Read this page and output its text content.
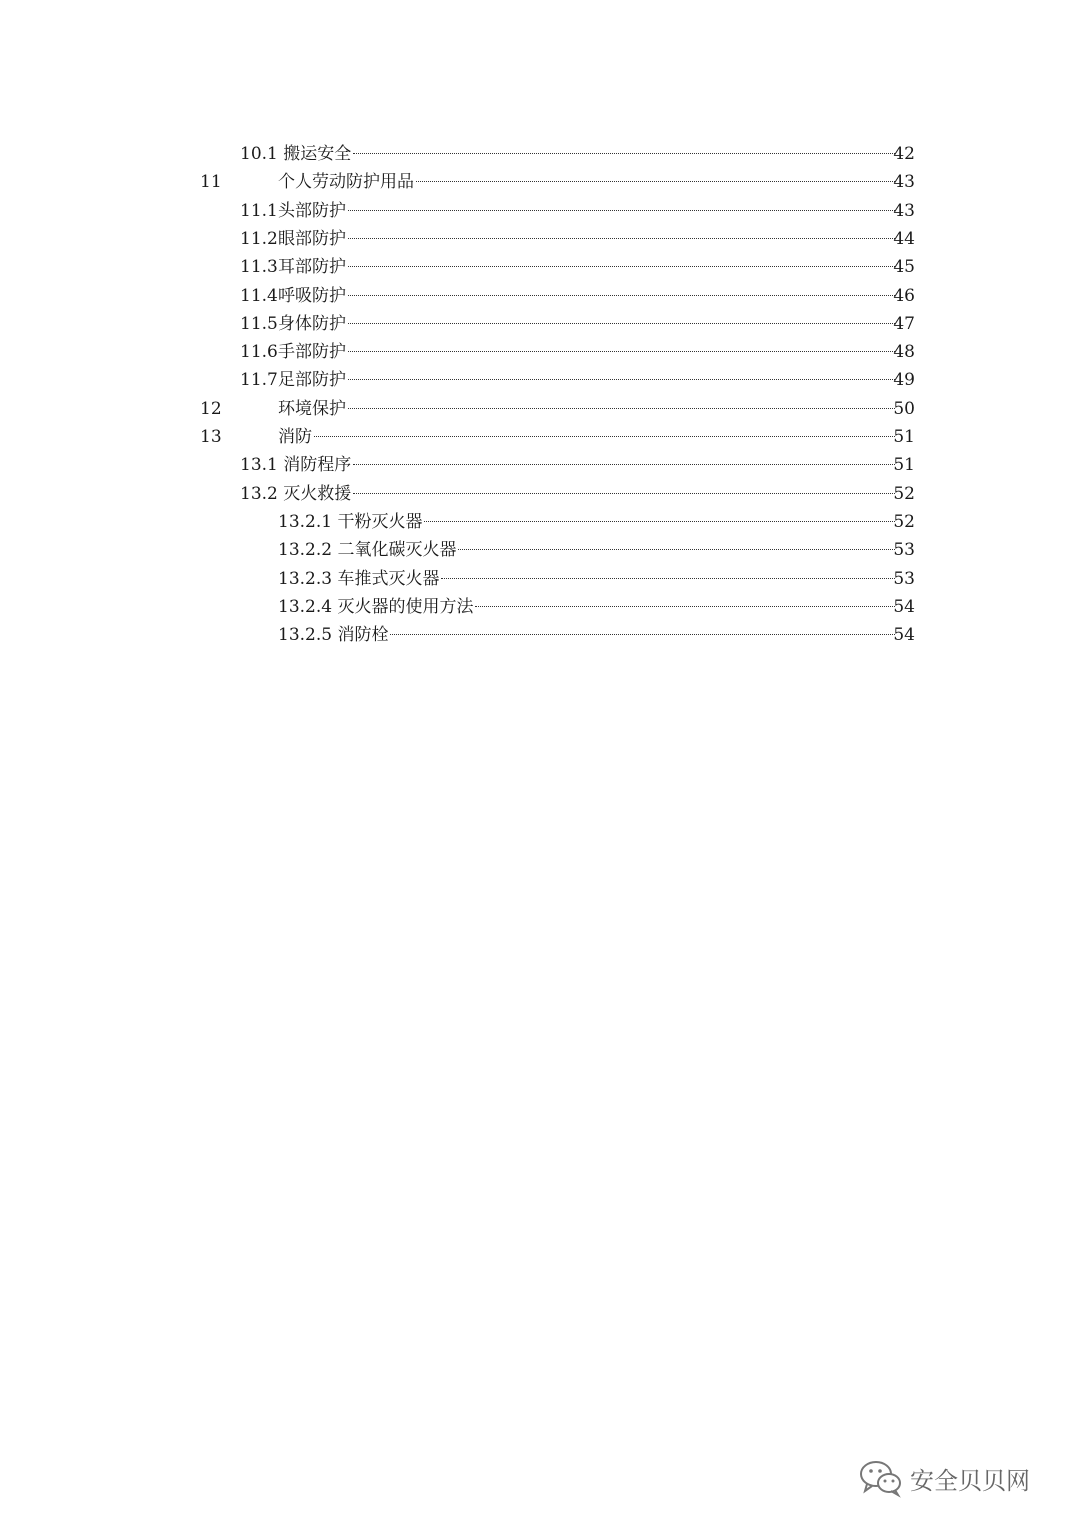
10.1 搬运安全	42
11	个人劳动防护用品	43
11.1 头部防护	43
11.2 眼部防护	44
11.3 耳部防护	45
11.4 呼吸防护	46
11.5 身体防护	47
11.6 手部防护	48
11.7 足部防护	49
12	环境保护	50
13	消防	51
13.1 消防程序	51
13.2 灭火救援	52
13.2.1 干粉灭火器	52
13.2.2 二氧化碳灭火器	53
13.2.3 车推式灭火器	53
13.2.4 灭火器的使用方法	54
13.2.5 消防栓	54
安全贝贝网
